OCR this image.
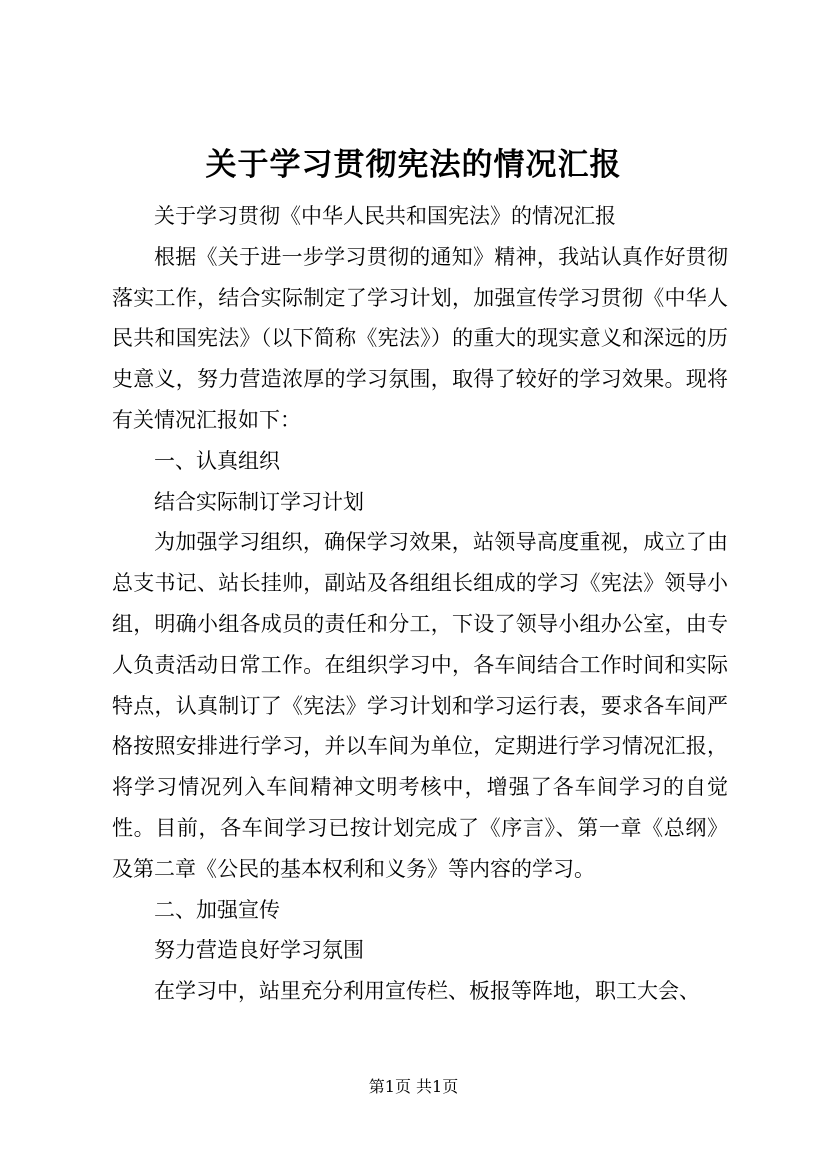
关于学习贯彻宪法的情况汇报

关于学习贯彻《中华人民共和国宪法》的情况汇报

根据《关于进一步学习贯彻的通知》精神，我站认真作好贯彻落实工作，结合实际制定了学习计划，加强宣传学习贯彻《中华人民共和国宪法》（以下简称《宪法》）的重大的现实意义和深远的历史意义，努力营造浓厚的学习氛围，取得了较好的学习效果。现将有关情况汇报如下：

一、认真组织

结合实际制订学习计划

为加强学习组织，确保学习效果，站领导高度重视，成立了由总支书记、站长挂帅，副站及各组组长组成的学习《宪法》领导小组，明确小组各成员的责任和分工，下设了领导小组办公室，由专人负责活动日常工作。在组织学习中，各车间结合工作时间和实际特点，认真制订了《宪法》学习计划和学习运行表，要求各车间严格按照安排进行学习，并以车间为单位，定期进行学习情况汇报，将学习情况列入车间精神文明考核中，增强了各车间学习的自觉性。目前，各车间学习已按计划完成了《序言》、第一章《总纲》及第二章《公民的基本权利和义务》等内容的学习。

二、加强宣传

努力营造良好学习氛围

在学习中，站里充分利用宣传栏、板报等阵地，职工大会、

第1页 共1页
